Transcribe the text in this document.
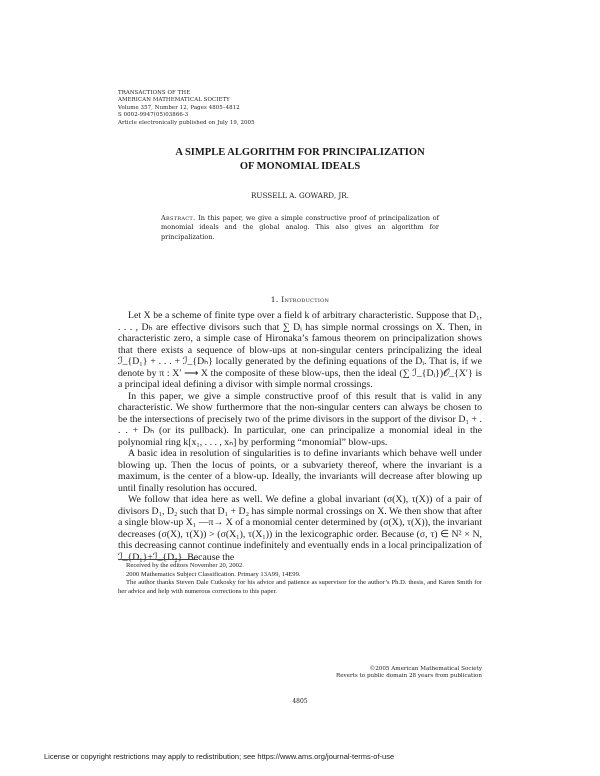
TRANSACTIONS OF THE
AMERICAN MATHEMATICAL SOCIETY
Volume 357, Number 12, Pages 4805–4812
S 0002-9947(05)03866-3
Article electronically published on July 19, 2005
A SIMPLE ALGORITHM FOR PRINCIPALIZATION
OF MONOMIAL IDEALS
RUSSELL A. GOWARD, JR.
Abstract. In this paper, we give a simple constructive proof of principalization of monomial ideals and the global analog. This also gives an algorithm for principalization.
1. Introduction

Let X be a scheme of finite type over a field k of arbitrary characteristic. Suppose that D₁, . . . , Dₕ are effective divisors such that ∑ Dᵢ has simple normal crossings on X. Then, in characteristic zero, a simple case of Hironaka’s famous theorem on principalization shows that there exists a sequence of blow-ups at non-singular centers principalizing the ideal ℐ_{D₁} + . . . + ℐ_{Dₕ} locally generated by the defining equations of the Dᵢ. That is, if we denote by π : X′ ⟶ X the composite of these blow-ups, then the ideal (∑ ℐ_{Dᵢ})𝒪_{X′} is a principal ideal defining a divisor with simple normal crossings.

In this paper, we give a simple constructive proof of this result that is valid in any characteristic. We show furthermore that the non-singular centers can always be chosen to be the intersections of precisely two of the prime divisors in the support of the divisor D₁ + . . . + Dₕ (or its pullback). In particular, one can principalize a monomial ideal in the polynomial ring k[x₁, . . . , xₙ] by performing “monomial” blow-ups.

A basic idea in resolution of singularities is to define invariants which behave well under blowing up. Then the locus of points, or a subvariety thereof, where the invariant is a maximum, is the center of a blow-up. Ideally, the invariants will decrease after blowing up until finally resolution has occured.

We follow that idea here as well. We define a global invariant (σ(X), τ(X)) of a pair of divisors D₁, D₂ such that D₁ + D₂ has simple normal crossings on X. We then show that after a single blow-up X₁ —π→ X of a monomial center determined by (σ(X), τ(X)), the invariant decreases (σ(X), τ(X)) > (σ(X₁), τ(X₁)) in the lexicographic order. Because (σ, τ) ∈ N² × N, this decreasing cannot continue indefinitely and eventually ends in a local principalization of ℐ_{D₁}+ℐ_{D₂}. Because the

Received by the editors November 20, 2002.

2000 Mathematics Subject Classification. Primary 13A99, 14E99.

The author thanks Steven Dale Cutkosky for his advice and patience as supervisor for the author’s Ph.D. thesis, and Karen Smith for her advice and help with numerous corrections to this paper.

©2005 American Mathematical Society
Reverts to public domain 28 years from publication
4805
License or copyright restrictions may apply to redistribution; see https://www.ams.org/journal-terms-of-use
